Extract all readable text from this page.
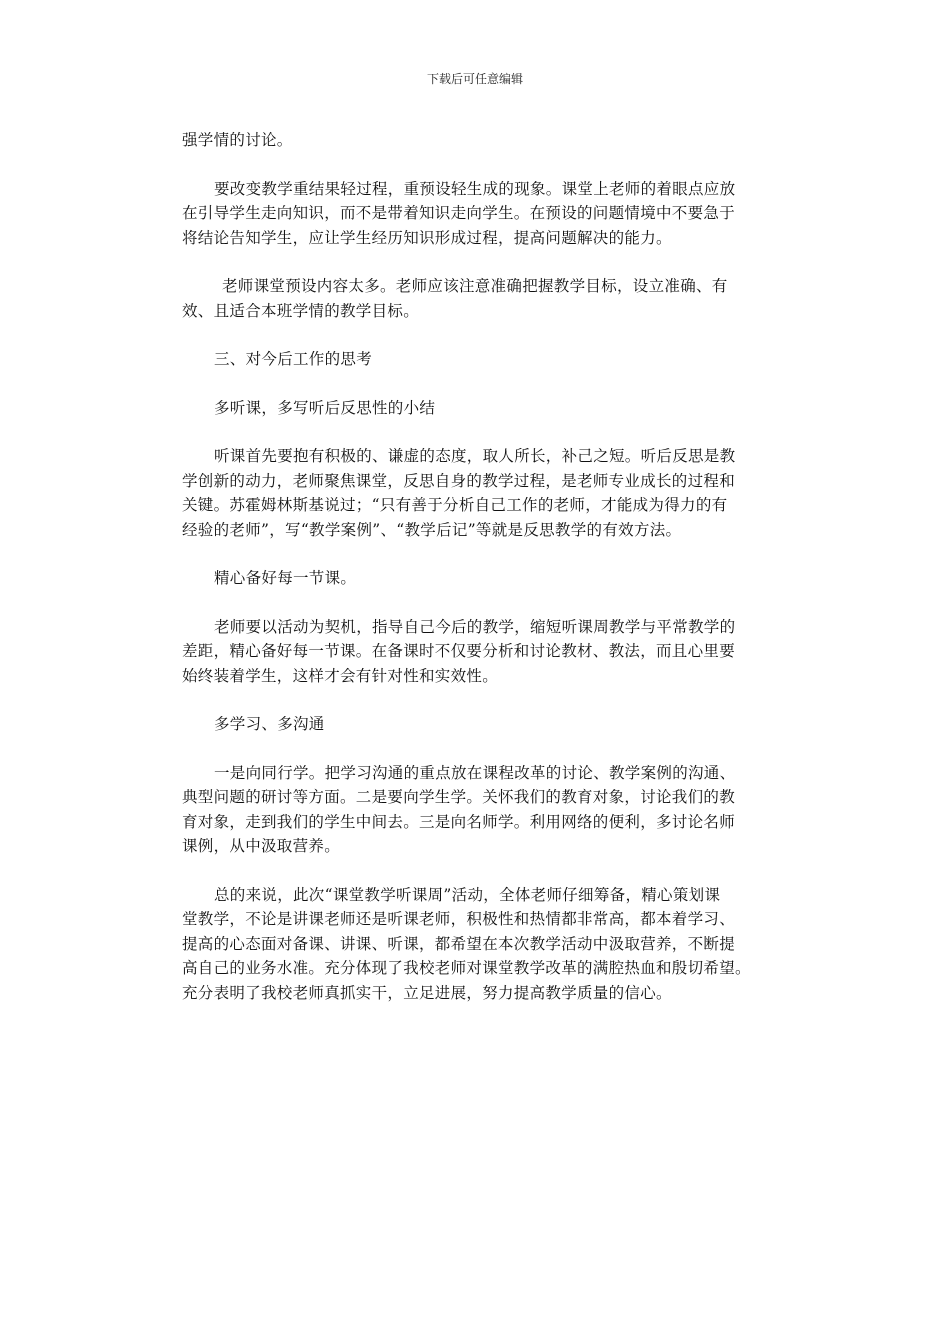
下载后可任意编辑

强学情的讨论。

要改变教学重结果轻过程，重预设轻生成的现象。课堂上老师的着眼点应放

在引导学生走向知识，而不是带着知识走向学生。在预设的问题情境中不要急于

将结论告知学生，应让学生经历知识形成过程，提高问题解决的能力。

老师课堂预设内容太多。老师应该注意准确把握教学目标，设立准确、有

效、且适合本班学情的教学目标。

三、对今后工作的思考

多听课，多写听后反思性的小结

听课首先要抱有积极的、谦虚的态度，取人所长，补己之短。听后反思是教

学创新的动力，老师聚焦课堂，反思自身的教学过程，是老师专业成长的过程和

关键。苏霍姆林斯基说过；“只有善于分析自己工作的老师，才能成为得力的有

经验的老师”，写“教学案例”、“教学后记”等就是反思教学的有效方法。

精心备好每一节课。

老师要以活动为契机，指导自己今后的教学，缩短听课周教学与平常教学的

差距，精心备好每一节课。在备课时不仅要分析和讨论教材、教法，而且心里要

始终装着学生，这样才会有针对性和实效性。

多学习、多沟通

一是向同行学。把学习沟通的重点放在课程改革的讨论、教学案例的沟通、

典型问题的研讨等方面。二是要向学生学。关怀我们的教育对象，讨论我们的教

育对象，走到我们的学生中间去。三是向名师学。利用网络的便利，多讨论名师

课例，从中汲取营养。

总的来说，此次“课堂教学听课周”活动，全体老师仔细筹备，精心策划课

堂教学，不论是讲课老师还是听课老师，积极性和热情都非常高，都本着学习、

提高的心态面对备课、讲课、听课，都希望在本次教学活动中汲取营养，不断提

高自己的业务水准。充分体现了我校老师对课堂教学改革的满腔热血和殷切希望。

充分表明了我校老师真抓实干，立足进展，努力提高教学质量的信心。
